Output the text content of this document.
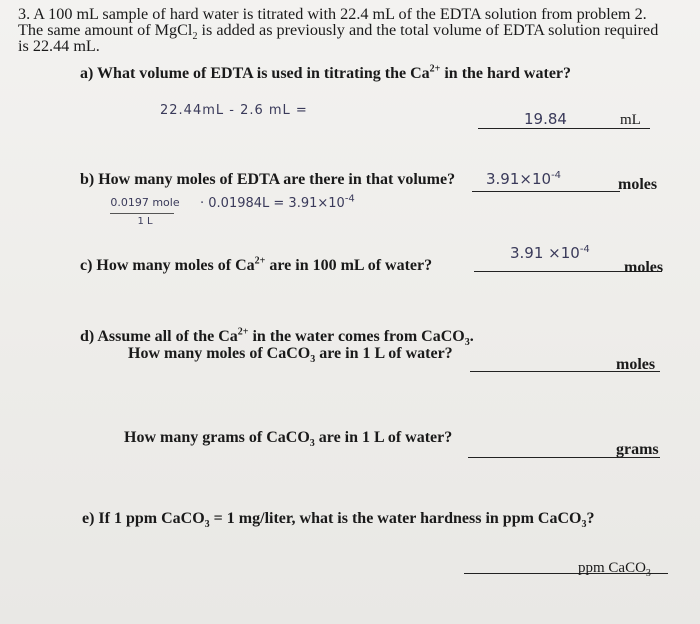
3. A 100 mL sample of hard water is titrated with 22.4 mL of the EDTA solution from problem 2.
The same amount of MgCl$_2$ is added as previously and the total volume of EDTA solution required
is 22.44 mL.
a) What volume of EDTA is used in titrating the $Ca^{2+}$ in the hard water?
22.44mL - 2.6 mL =	19.84	mL
b) How many moles of EDTA are there in that volume?
0.0197 mole
1 L
· $0.01984L = 3.91\times 10^{-4}$
$3.91\times 10^{-4}$
moles
c) How many moles of $Ca^{2+}$ are in 100 mL of water?
$3.91 \times 10^{-4}$
moles
d) Assume all of the $Ca^{2+}$ in the water comes from CaCO$_3$.
How many moles of CaCO$_3$ are in 1 L of water?
moles
How many grams of CaCO$_3$ are in 1 L of water?
grams
e) If 1 ppm CaCO$_3$ = 1 mg/liter, what is the water hardness in ppm CaCO$_3$?
ppm CaCO$_3$
